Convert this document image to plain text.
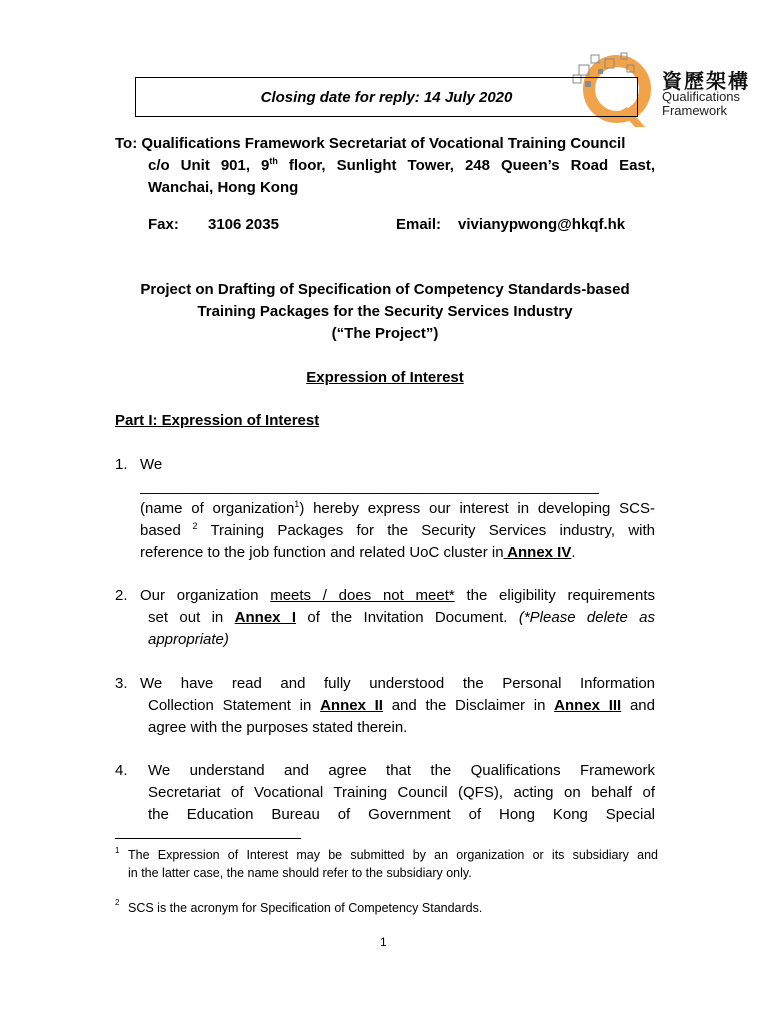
資歷架構
Qualifications
Framework
Closing date for reply: 14 July 2020
To: Qualifications Framework Secretariat of Vocational Training Council
c/o Unit 901, 9th floor, Sunlight Tower, 248 Queen’s Road East,
Wanchai, Hong Kong
Fax: 3106 2035	Email: vivianypwong@hkqf.hk
Project on Drafting of Specification of Competency Standards-based
Training Packages for the Security Services Industry
(“The Project”)
Expression of Interest
Part I: Expression of Interest
1. We
_______________________________________________________
(name of organization$^1$) hereby express our interest in developing SCS-
based $^2$ Training Packages for the Security Services industry, with
reference to the job function and related UoC cluster in Annex IV.
2. Our organization meets / does not meet* the eligibility requirements
set out in Annex I of the Invitation Document. (*Please delete as
appropriate)
3. We have read and fully understood the Personal Information
Collection Statement in Annex II and the Disclaimer in Annex III and
agree with the purposes stated therein.
4. We understand and agree that the Qualifications Framework
Secretariat of Vocational Training Council (QFS), acting on behalf of
the Education Bureau of Government of Hong Kong Special
1 The Expression of Interest may be submitted by an organization or its subsidiary and
in the latter case, the name should refer to the subsidiary only.
2 SCS is the acronym for Specification of Competency Standards.
1
